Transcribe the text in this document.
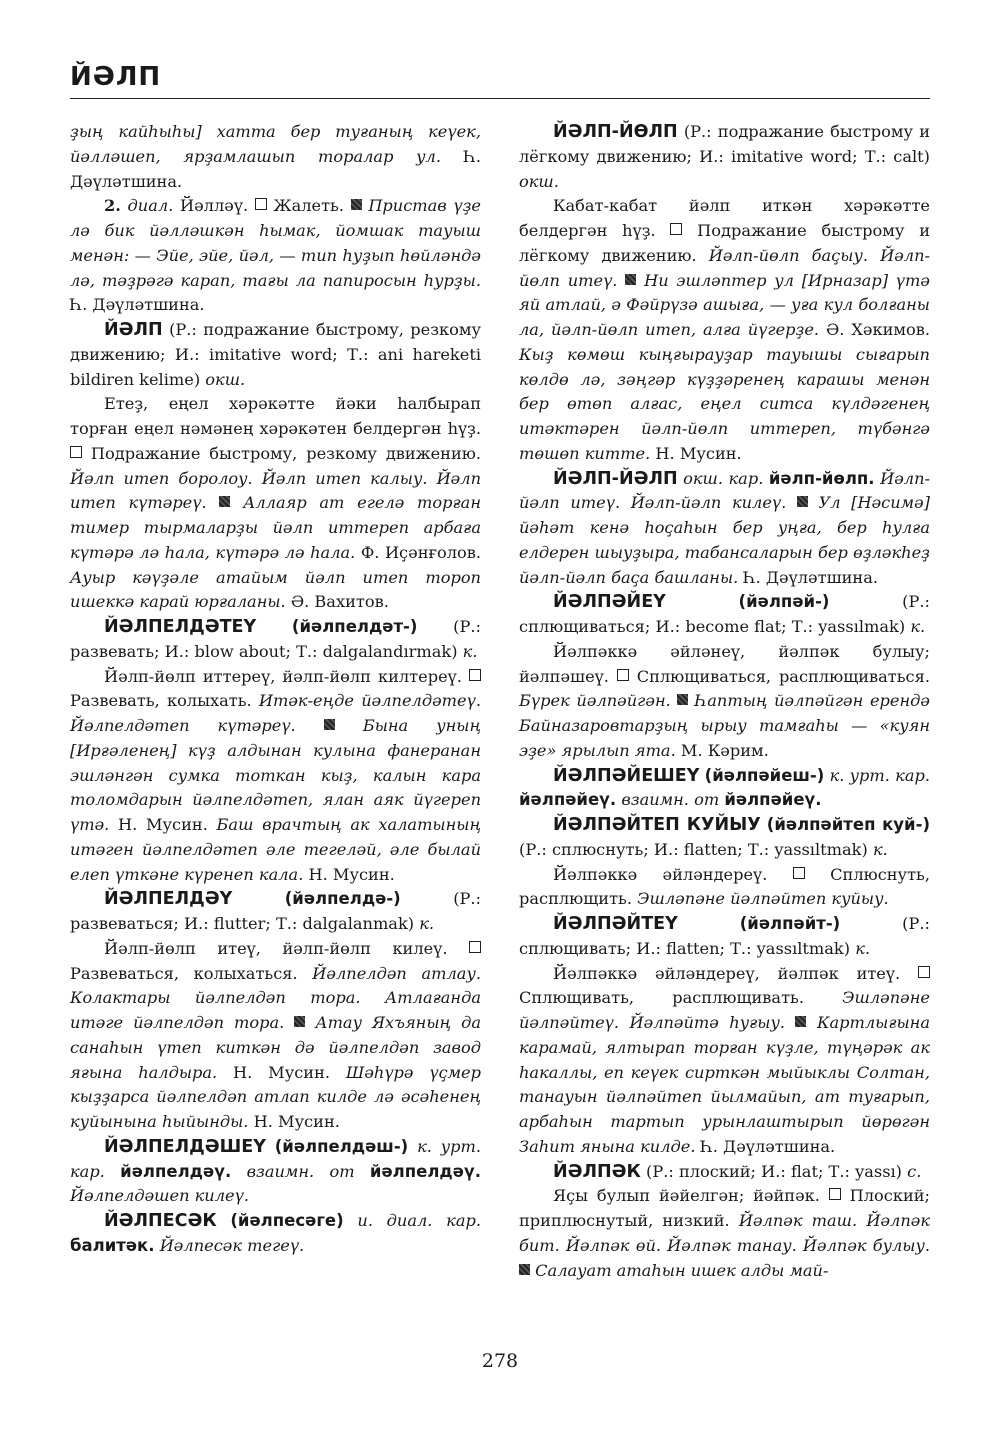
ЙӘЛП

ҙың кайһыһы] хатта бер туғаның кеүек, йәлләшеп, ярҙамлашып торалар ул. Һ. Дәүләтшина.

2. диал. Йәлләү.  Жалеть.  Пристав үҙе лә бик йәлләшкән һымак, йомшак тауыш менән: — Эйе, эйе, йәл, — тип һуҙып һөйләндә лә, тәҙрәгә карап, тағы ла папиросын һурҙы. Һ. Дәүләтшина.

ЙӘЛП (Р.: подражание быстрому, резкому движению; И.: imitative word; Т.: ani hareketi bildiren kelime) окш.

Етеҙ, еңел хәрәкәтте йәки һалбырап торған еңел нәмәнең хәрәкәтен белдергән һүҙ.  Подражание быстрому, резкому движению. Йәлп итеп боролоу. Йәлп итеп калыу. Йәлп итеп күтәреү. Аллаяр ат егелә торған тимер тырмаларҙы йәлп иттереп арбаға күтәрә лә һала, күтәрә лә һала. Ф. Иҫәнғолов. Ауыр кәүҙәле атайым йәлп итеп тороп ишеккә карай юрғаланы. Ә. Вахитов.

ЙӘЛПЕЛДӘТЕҮ (йәлпелдәт-) (Р.: развевать; И.: blow about; Т.: dalgalandırmak) к.

Йәлп-йөлп иттереү, йәлп-йөлп килтереү.  Развевать, колыхать. Итәк-еңде йәлпелдәтеү. Йәлпелдәтеп күтәреү.	Бына уның [Ирғәленең] күҙ алдынан кулына фанеранан эшләнгән сумка тоткан кыҙ, калын кара толомдарын йәлпелдәтеп, ялан аяк йүгереп үтә. Н. Мусин. Баш врачтың ак халатының итәген йәлпелдәтеп әле тегеләй, әле былай елеп үткәне күренеп кала. Н. Мусин.

ЙӘЛПЕЛДӘҮ	(йәлпелдә-) (Р.: развеваться; И.: flutter; Т.: dalgalanmak) к.

Йәлп-йөлп итеү, йәлп-йөлп килеү.  Развеваться, колыхаться. Йәлпелдәп атлау. Колактары йәлпелдәп тора. Атлағанда итәге йәлпелдәп тора. Атау Яхъяның да санаһын үтеп киткән дә йәлпелдәп завод яғына һалдыра. Н. Мусин. Шәһүрә үҫмер кыҙҙарса йәлпелдәп атлап килде лә әсәһенең куйынына һыйынды. Н. Мусин.

ЙӘЛПЕЛДӘШЕҮ (йәлпелдәш-) к. урт. кар. йәлпелдәү. взаимн. от йәлпелдәү. Йәлпелдәшеп килеү.

ЙӘЛПЕСӘК (йәлпесәге) и. диал. кар. балитәк. Йәлпесәк тегеү.

ЙӘЛП-ЙӨЛП (Р.: подражание быстрому и лёгкому движению; И.: imitative word; Т.: calt) окш.

Кабат-кабат йәлп иткән хәрәкәтте белдергән һүҙ.  Подражание быстрому и лёгкому движению. Йәлп-йөлп баҫыу. Йәлп-йөлп итеү. Ни эшләптер ул [Ирназар] үтә яй атлай, ә Фәйрүзә ашыға, — уға кул болғаны ла, йәлп-йөлп итеп, алға йүгерҙе. Ә. Хәкимов. Кыҙ көмөш кыңғырауҙар тауышы сығарып көлдө лә, зәңгәр күҙҙәренең карашы менән бер өтөп алғас, еңел ситса күлдәгенең итәктәрен йәлп-йөлп иттереп, түбәнгә төшөп китте. Н. Мусин.

ЙӘЛП-ЙӘЛП окш. кар. йәлп-йөлп. Йәлп-йәлп итеү. Йәлп-йәлп килеү. Ул [Нәсимә] йәһәт кенә һоҫаһын бер уңға, бер һулға елдерен шыуҙыра, табансаларын бер өҙләкһеҙ йәлп-йәлп баҫа башланы. Һ. Дәүләтшина.

ЙӘЛПӘЙЕҮ	(йәлпәй-) (Р.: сплющиваться; И.: become flat; Т.: yassılmak) к.

Йәлпәккә әйләнеү, йәлпәк булыу; йәлпәшеү.  Сплющиваться, расплющиваться. Бүрек йәлпәйгән. Һаптың йәлпәйгән ерендә Байназаровтарҙың ырыу тамғаһы — «куян эҙе» ярылып ята. М. Кәрим.

ЙӘЛПӘЙЕШЕҮ (йәлпәйеш-) к. урт. кар. йәлпәйеү. взаимн. от йәлпәйеү.

ЙӘЛПӘЙТЕП КУЙЫУ (йәлпәйтеп куй-) (Р.: сплюснуть; И.: flatten; Т.: yassıltmak) к.

Йәлпәккә әйләндереү.  Сплюснуть, расплющить. Эшләпәне йәлпәйтеп куйыу.

ЙӘЛПӘЙТЕҮ	(йәлпәйт-) (Р.: сплющивать; И.: flatten; Т.: yassıltmak) к.

Йәлпәккә әйләндереү, йәлпәк итеү.  Сплющивать, расплющивать. Эшләпәне йәлпәйтеү. Йәлпәйтә һуғыу. Картлығына карамай, ялтырап торған күҙле, түңәрәк ак һакаллы, еп кеүек сирткән мыйыклы Солтан, танауын йәлпәйтеп йылмайып, ат туғарып, арбаһын тартып урынлаштырып йөрөгән Заһит янына килде. Һ. Дәүләтшина.

ЙӘЛПӘК (Р.: плоский; И.: flat; Т.: yassı) с.

Яҫы булып йәйелгән; йәйпәк.  Плоский; приплюснутый, низкий. Йәлпәк таш. Йәлпәк бит. Йәлпәк өй. Йәлпәк танау. Йәлпәк булыу.  Салауат атаһын ишек алды май-

278
